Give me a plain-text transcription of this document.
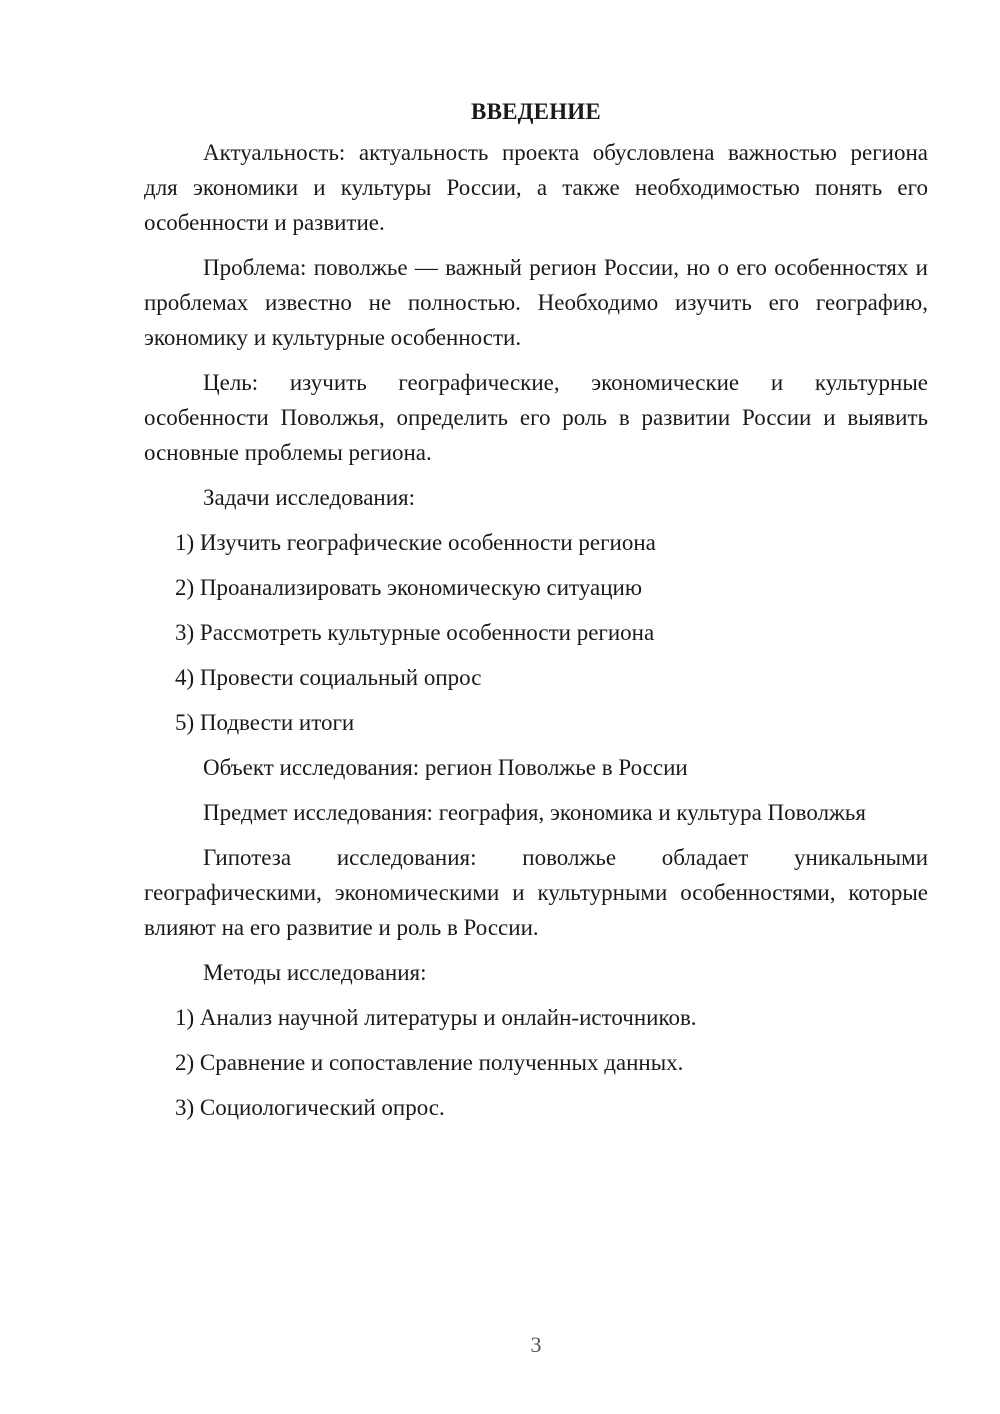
ВВЕДЕНИЕ

Актуальность: актуальность проекта обусловлена важностью региона для экономики и культуры России, а также необходимостью понять его особенности и развитие.

Проблема: поволжье — важный регион России, но о его особенностях и проблемах известно не полностью. Необходимо изучить его географию, экономику и культурные особенности.

Цель: изучить географические, экономические и культурные особенности Поволжья, определить его роль в развитии России и выявить основные проблемы региона.

Задачи исследования:

1) Изучить географические особенности региона
2) Проанализировать экономическую ситуацию
3) Рассмотреть культурные особенности региона
4) Провести социальный опрос
5) Подвести итоги

Объект исследования: регион Поволжье в России

Предмет исследования: география, экономика и культура Поволжья

Гипотеза исследования: поволжье обладает уникальными географическими, экономическими и культурными особенностями, которые влияют на его развитие и роль в России.

Методы исследования:

1) Анализ научной литературы и онлайн-источников.
2) Сравнение и сопоставление полученных данных.
3) Социологический опрос.
3
